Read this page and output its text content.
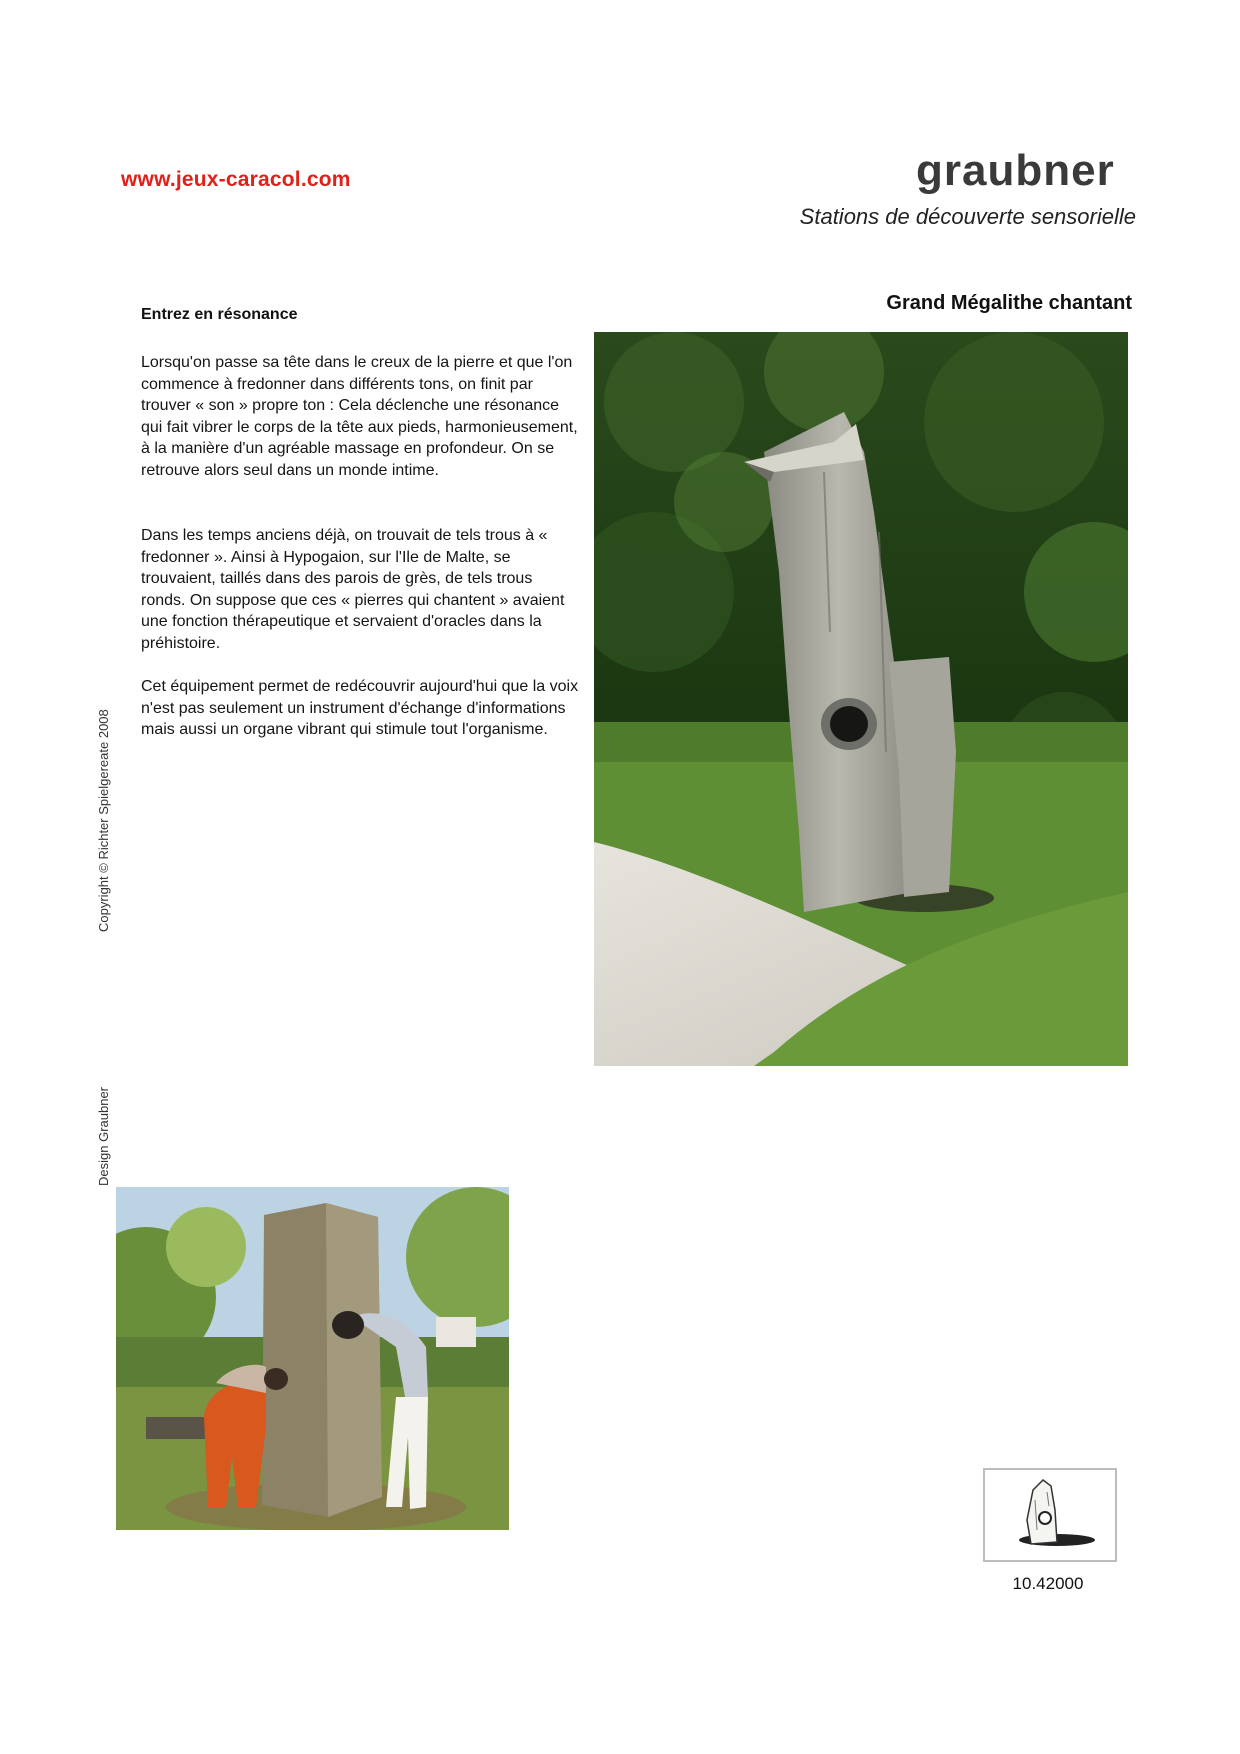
www.jeux-caracol.com	graubner
Stations de découverte sensorielle
Entrez en résonance
Grand Mégalithe chantant
Lorsqu'on passe sa tête dans le creux de la pierre et que l'on commence à fredonner dans différents tons, on finit par trouver « son » propre ton : Cela déclenche une résonance qui fait vibrer le corps de la tête aux pieds, harmonieusement, à la manière d'un agréable massage en profondeur. On se retrouve alors seul dans un monde intime.
Dans les temps anciens déjà, on trouvait de tels trous à « fredonner ». Ainsi à Hypogaion, sur l'Ile de Malte, se trouvaient, taillés dans des parois de grès, de tels trous ronds. On suppose que ces « pierres qui chantent » avaient une fonction thérapeutique et servaient d'oracles dans la préhistoire.
Cet équipement permet de redécouvrir aujourd'hui que la voix n'est pas seulement un instrument d'échange d'informations mais aussi un organe vibrant qui stimule tout l'organisme.
Copyright © Richter Spielgereate 2008
Design Graubner
10.42000
